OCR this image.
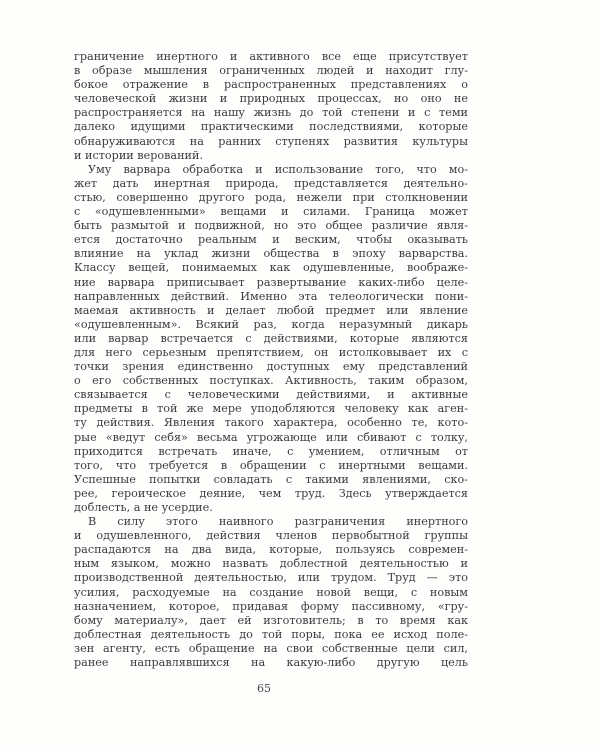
граничение инертного и активного все еще присутствует
в образе мышления ограниченных людей и находит глу-
бокое отражение в распространенных представлениях о
человеческой жизни и природных процессах, но оно не
распространяется на нашу жизнь до той степени и с теми
далеко идущими практическими последствиями, которые
обнаруживаются на ранних ступенях развития культуры
и истории верований.
Уму варвара обработка и использование того, что мо-
жет дать инертная природа, представляется деятельно-
стью, совершенно другого рода, нежели при столкновении
с «одушевленными» вещами и силами. Граница может
быть размытой и подвижной, но это общее различие явля-
ется достаточно реальным и веским, чтобы оказывать
влияние на уклад жизни общества в эпоху варварства.
Классу вещей, понимаемых как одушевленные, воображе-
ние варвара приписывает развертывание каких-либо целе-
направленных действий. Именно эта телеологически пони-
маемая активность и делает любой предмет или явление
«одушевленным». Всякий раз, когда неразумный дикарь
или варвар встречается с действиями, которые являются
для него серьезным препятствием, он истолковывает их с
точки зрения единственно доступных ему представлений
о его собственных поступках. Активность, таким образом,
связывается с человеческими действиями, и активные
предметы в той же мере уподобляются человеку как аген-
ту действия. Явления такого характера, особенно те, кото-
рые «ведут себя» весьма угрожающе или сбивают с толку,
приходится встречать иначе, с умением, отличным от
того, что требуется в обращении с инертными вещами.
Успешные попытки совладать с такими явлениями, ско-
рее, героическое деяние, чем труд. Здесь утверждается
доблесть, а не усердие.
В силу этого наивного разграничения инертного
и одушевленного, действия членов первобытной группы
распадаются на два вида, которые, пользуясь современ-
ным языком, можно назвать доблестной деятельностью и
производственной деятельностью, или трудом. Труд — это
усилия, расходуемые на создание новой вещи, с новым
назначением, которое, придавая форму пассивному, «гру-
бому материалу», дает ей изготовитель; в то время как
доблестная деятельность до той поры, пока ее исход поле-
зен агенту, есть обращение на свои собственные цели сил,
ранее направлявшихся на какую-либо другую цель
65
